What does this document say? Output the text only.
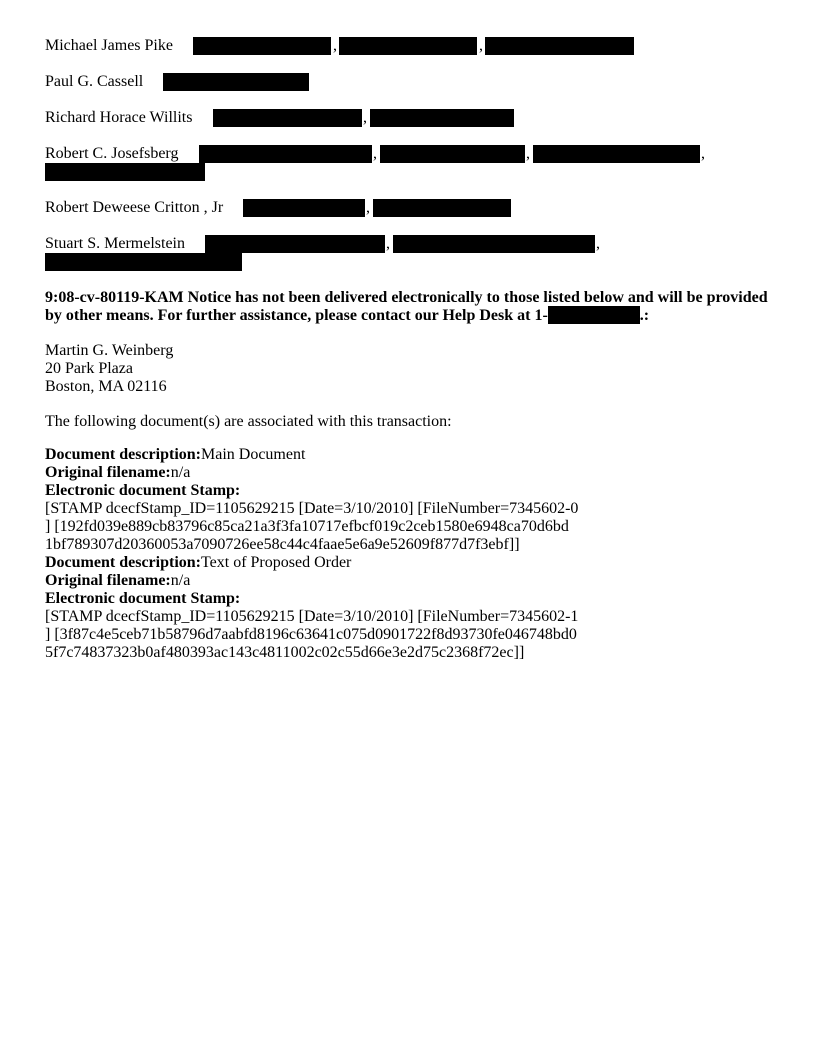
Michael James Pike	,	,
Paul G. Cassell
Richard Horace Willits	,
Robert C. Josefsberg	,	,	,
Robert Deweese Critton , Jr	,
Stuart S. Mermelstein	,	,
9:08-cv-80119-KAM Notice has not been delivered electronically to those listed below and will be provided
by other means. For further assistance, please contact our Help Desk at 1-	.:
Martin G. Weinberg
20 Park Plaza
Boston, MA 02116
The following document(s) are associated with this transaction:
Document description:Main Document
Original filename:n/a
Electronic document Stamp:
[STAMP dcecfStamp_ID=1105629215 [Date=3/10/2010] [FileNumber=7345602-0
] [192fd039e889cb83796c85ca21a3f3fa10717efbcf019c2ceb1580e6948ca70d6bd
1bf789307d20360053a7090726ee58c44c4faae5e6a9e52609f877d7f3ebf]]
Document description:Text of Proposed Order
Original filename:n/a
Electronic document Stamp:
[STAMP dcecfStamp_ID=1105629215 [Date=3/10/2010] [FileNumber=7345602-1
] [3f87c4e5ceb71b58796d7aabfd8196c63641c075d0901722f8d93730fe046748bd0
5f7c74837323b0af480393ac143c4811002c02c55d66e3e2d75c2368f72ec]]
